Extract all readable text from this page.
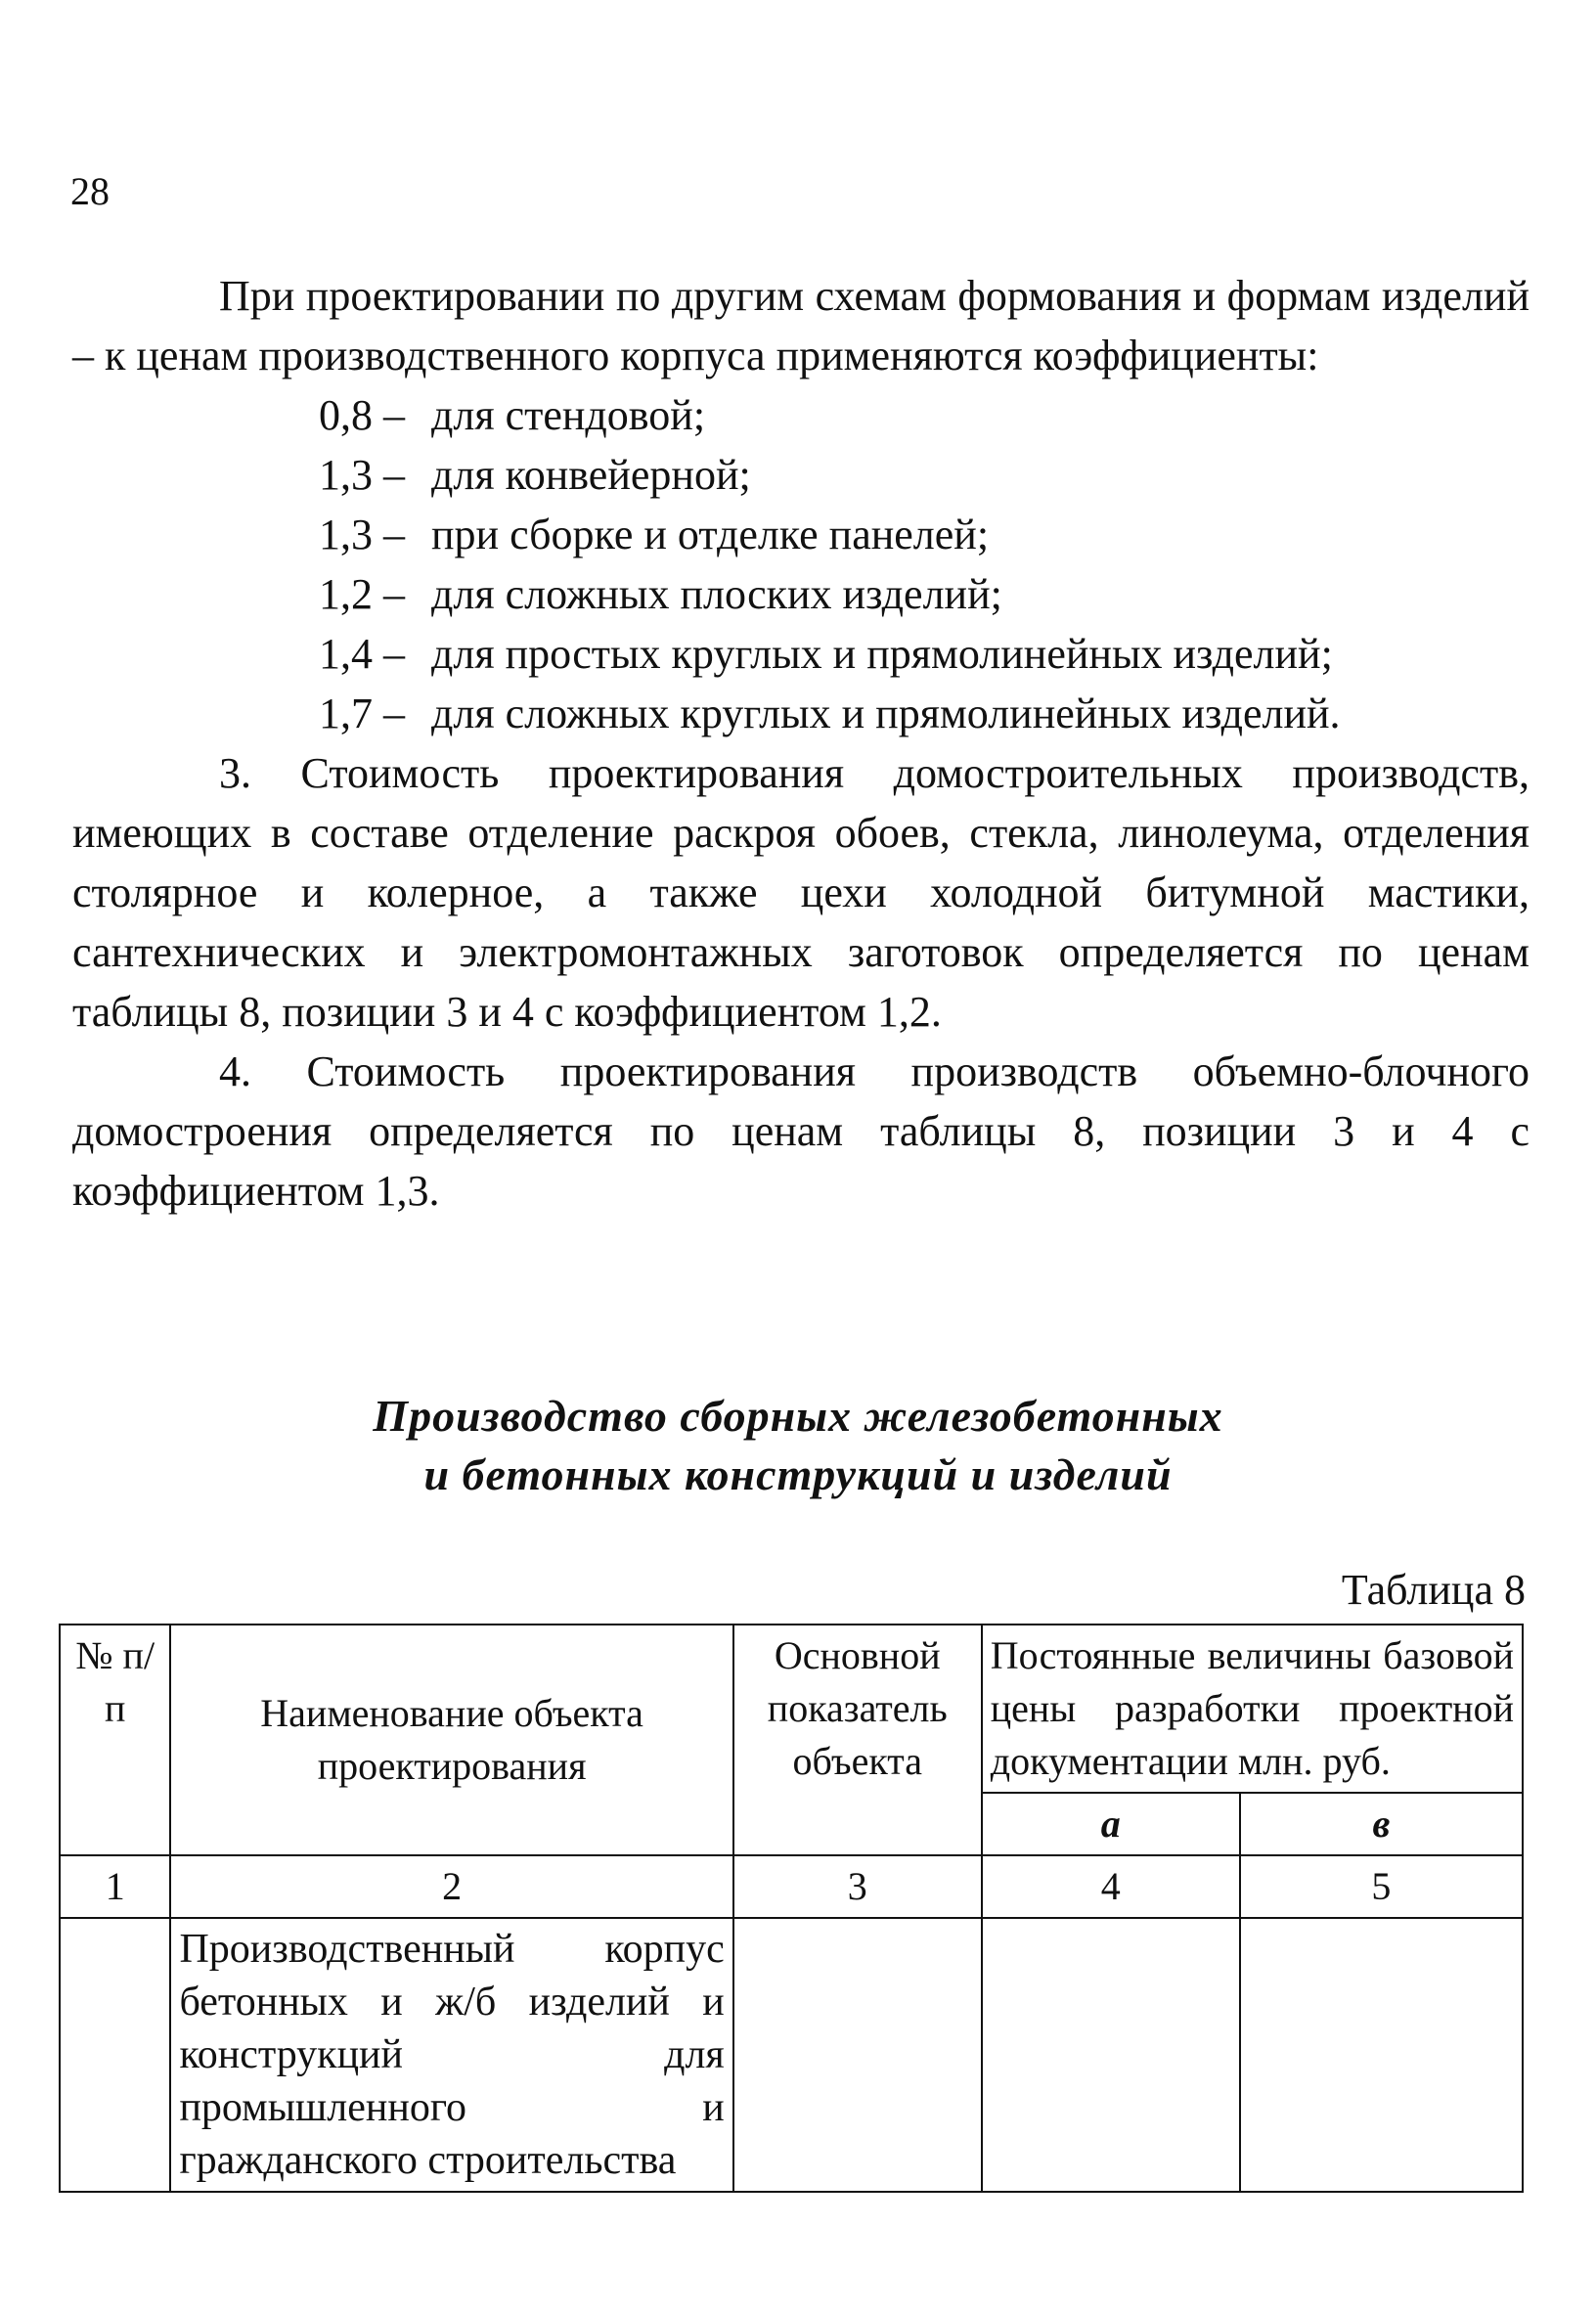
28

При проектировании по другим схемам формования и формам изделий – к ценам производственного корпуса применяются коэффициенты:

0,8 – для стендовой;
1,3 – для конвейерной;
1,3 – при сборке и отделке панелей;
1,2 – для сложных плоских изделий;
1,4 – для простых круглых и прямолинейных изделий;
1,7 – для сложных круглых и прямолинейных изделий.

3. Стоимость проектирования домостроительных производств, имеющих в составе отделение раскроя обоев, стекла, линолеума, отделения столярное и колерное, а также цехи холодной битумной мастики, сантехнических и электромонтажных заготовок определяется по ценам таблицы 8, позиции 3 и 4 с коэффициентом 1,2.

4. Стоимость проектирования производств объемно-блочного домостроения определяется по ценам таблицы 8, позиции 3 и 4 с коэффициентом 1,3.

Производство сборных железобетонных
и бетонных конструкций и изделий
Таблица 8
№ п/п	Наименование объекта проектирования	Основной показатель объекта	Постоянные величины базовой цены разработки проектной документации млн. руб.	
			а	в
1	2	3	4	5
	Производственный корпус бетонных и ж/б изделий и конструкций для промышленного и гражданского строительства			
